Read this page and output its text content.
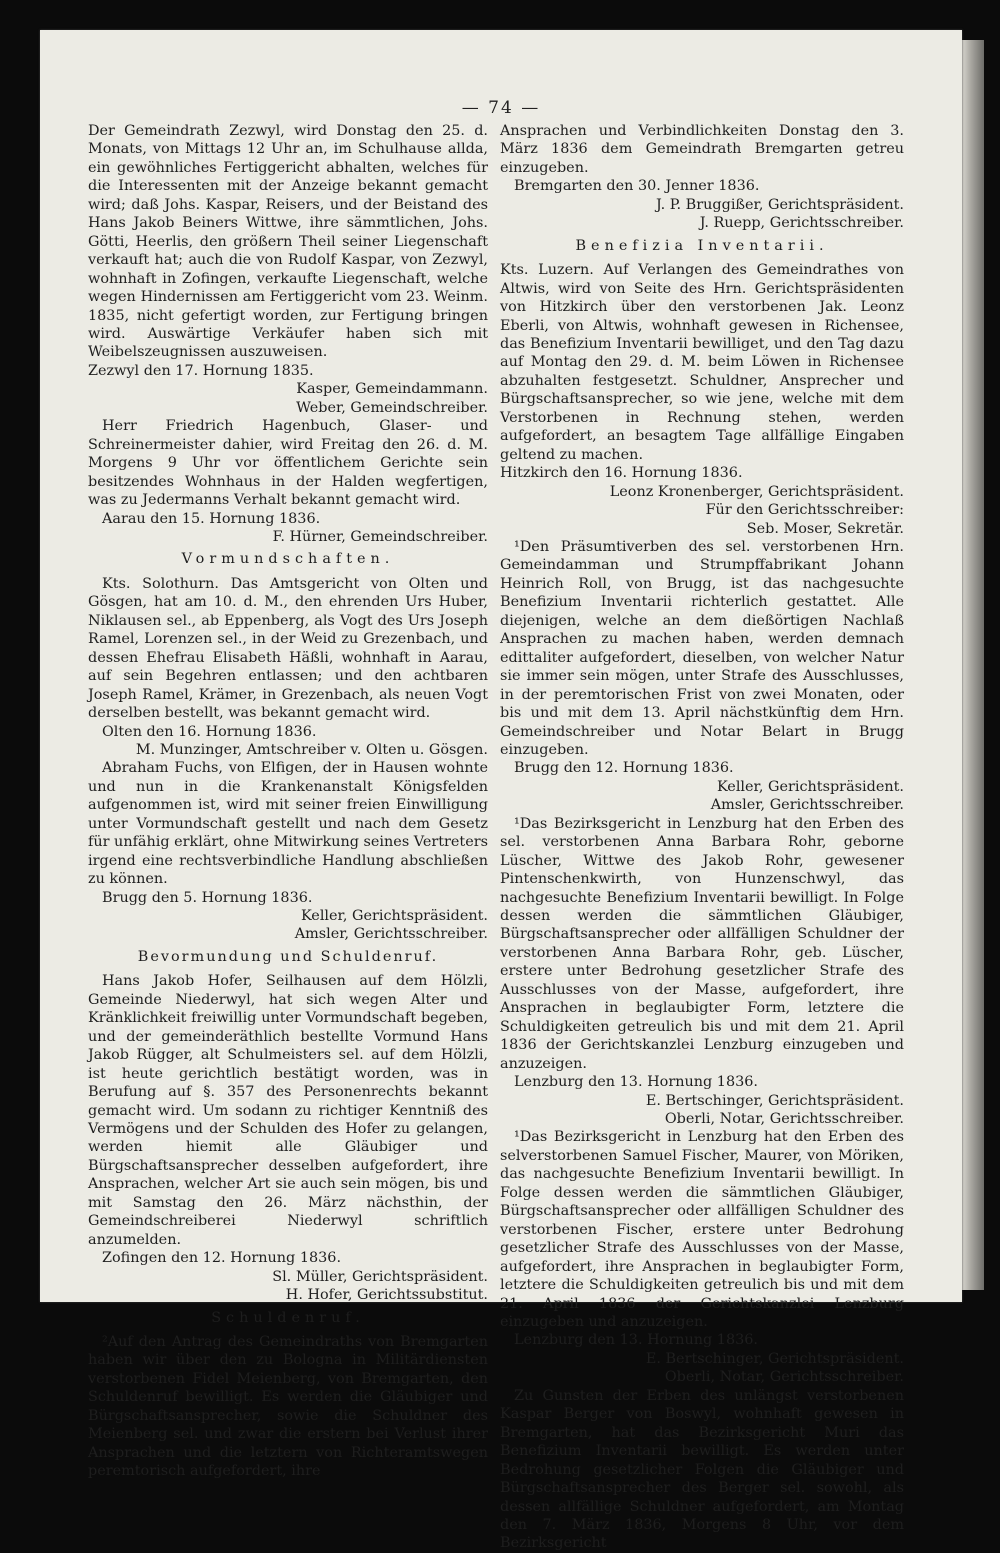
— 74 —

Der Gemeindrath Zezwyl, wird Donstag den 25. d. Monats, von Mittags 12 Uhr an, im Schulhause allda, ein gewöhnliches Fertiggericht abhalten, welches für die Interessenten mit der Anzeige bekannt gemacht wird; daß Johs. Kaspar, Reisers, und der Beistand des Hans Jakob Beiners Wittwe, ihre sämmtlichen, Johs. Götti, Heerlis, den größern Theil seiner Liegenschaft verkauft hat; auch die von Rudolf Kaspar, von Zezwyl, wohnhaft in Zofingen, verkaufte Liegenschaft, welche wegen Hindernissen am Fertiggericht vom 23. Weinm. 1835, nicht gefertigt worden, zur Fertigung bringen wird. Auswärtige Verkäufer haben sich mit Weibelszeugnissen auszuweisen.

Zezwyl den 17. Hornung 1835.

Kasper, Gemeindammann.

Weber, Gemeindschreiber.

Herr Friedrich Hagenbuch, Glaser- und Schreinermeister dahier, wird Freitag den 26. d. M. Morgens 9 Uhr vor öffentlichem Gerichte sein besitzendes Wohnhaus in der Halden wegfertigen, was zu Jedermanns Verhalt bekannt gemacht wird.

Aarau den 15. Hornung 1836.

F. Hürner, Gemeindschreiber.

Vormundschaften.

Kts. Solothurn. Das Amtsgericht von Olten und Gösgen, hat am 10. d. M., den ehrenden Urs Huber, Niklausen sel., ab Eppenberg, als Vogt des Urs Joseph Ramel, Lorenzen sel., in der Weid zu Grezenbach, und dessen Ehefrau Elisabeth Häßli, wohnhaft in Aarau, auf sein Begehren entlassen; und den achtbaren Joseph Ramel, Krämer, in Grezenbach, als neuen Vogt derselben bestellt, was bekannt gemacht wird.

Olten den 16. Hornung 1836.

M. Munzinger, Amtschreiber v. Olten u. Gösgen.

Abraham Fuchs, von Elfigen, der in Hausen wohnte und nun in die Krankenanstalt Königsfelden aufgenommen ist, wird mit seiner freien Einwilligung unter Vormundschaft gestellt und nach dem Gesetz für unfähig erklärt, ohne Mitwirkung seines Vertreters irgend eine rechtsverbindliche Handlung abschließen zu können.

Brugg den 5. Hornung 1836.

Keller, Gerichtspräsident.

Amsler, Gerichtsschreiber.

Bevormundung und Schuldenruf.

Hans Jakob Hofer, Seilhausen auf dem Hölzli, Gemeinde Niederwyl, hat sich wegen Alter und Kränklichkeit freiwillig unter Vormundschaft begeben, und der gemeinderäthlich bestellte Vormund Hans Jakob Rügger, alt Schulmeisters sel. auf dem Hölzli, ist heute gerichtlich bestätigt worden, was in Berufung auf §. 357 des Personenrechts bekannt gemacht wird. Um sodann zu richtiger Kenntniß des Vermögens und der Schulden des Hofer zu gelangen, werden hiemit alle Gläubiger und Bürgschaftsansprecher desselben aufgefordert, ihre Ansprachen, welcher Art sie auch sein mögen, bis und mit Samstag den 26. März nächsthin, der Gemeindschreiberei Niederwyl schriftlich anzumelden.

Zofingen den 12. Hornung 1836.

Sl. Müller, Gerichtspräsident.

H. Hofer, Gerichtssubstitut.

Schuldenruf.

²Auf den Antrag des Gemeindraths von Bremgarten haben wir über den zu Bologna in Militärdiensten verstorbenen Fidel Meienberg, von Bremgarten, den Schuldenruf bewilligt. Es werden die Gläubiger und Bürgschaftsansprecher, sowie die Schuldner des Meienberg sel. und zwar die erstern bei Verlust ihrer Ansprachen und die letztern von Richteramtswegen peremtorisch aufgefordert, ihre

Ansprachen und Verbindlichkeiten Donstag den 3. März 1836 dem Gemeindrath Bremgarten getreu einzugeben.

Bremgarten den 30. Jenner 1836.

J. P. Bruggißer, Gerichtspräsident.

J. Ruepp, Gerichtsschreiber.

Benefizia Inventarii.

Kts. Luzern. Auf Verlangen des Gemeindrathes von Altwis, wird von Seite des Hrn. Gerichtspräsidenten von Hitzkirch über den verstorbenen Jak. Leonz Eberli, von Altwis, wohnhaft gewesen in Richensee, das Benefizium Inventarii bewilliget, und den Tag dazu auf Montag den 29. d. M. beim Löwen in Richensee abzuhalten festgesetzt. Schuldner, Ansprecher und Bürgschaftsansprecher, so wie jene, welche mit dem Verstorbenen in Rechnung stehen, werden aufgefordert, an besagtem Tage allfällige Eingaben geltend zu machen.

Hitzkirch den 16. Hornung 1836.

Leonz Kronenberger, Gerichtspräsident.

Für den Gerichtsschreiber:

Seb. Moser, Sekretär.

¹Den Präsumtiverben des sel. verstorbenen Hrn. Gemeindamman und Strumpffabrikant Johann Heinrich Roll, von Brugg, ist das nachgesuchte Benefizium Inventarii richterlich gestattet. Alle diejenigen, welche an dem dießörtigen Nachlaß Ansprachen zu machen haben, werden demnach edittaliter aufgefordert, dieselben, von welcher Natur sie immer sein mögen, unter Strafe des Ausschlusses, in der peremtorischen Frist von zwei Monaten, oder bis und mit dem 13. April nächstkünftig dem Hrn. Gemeindschreiber und Notar Belart in Brugg einzugeben.

Brugg den 12. Hornung 1836.

Keller, Gerichtspräsident.

Amsler, Gerichtsschreiber.

¹Das Bezirksgericht in Lenzburg hat den Erben des sel. verstorbenen Anna Barbara Rohr, geborne Lüscher, Wittwe des Jakob Rohr, gewesener Pintenschenkwirth, von Hunzenschwyl, das nachgesuchte Benefizium Inventarii bewilligt. In Folge dessen werden die sämmtlichen Gläubiger, Bürgschaftsansprecher oder allfälligen Schuldner der verstorbenen Anna Barbara Rohr, geb. Lüscher, erstere unter Bedrohung gesetzlicher Strafe des Ausschlusses von der Masse, aufgefordert, ihre Ansprachen in beglaubigter Form, letztere die Schuldigkeiten getreulich bis und mit dem 21. April 1836 der Gerichtskanzlei Lenzburg einzugeben und anzuzeigen.

Lenzburg den 13. Hornung 1836.

E. Bertschinger, Gerichtspräsident.

Oberli, Notar, Gerichtsschreiber.

¹Das Bezirksgericht in Lenzburg hat den Erben des selverstorbenen Samuel Fischer, Maurer, von Möriken, das nachgesuchte Benefizium Inventarii bewilligt. In Folge dessen werden die sämmtlichen Gläubiger, Bürgschaftsansprecher oder allfälligen Schuldner des verstorbenen Fischer, erstere unter Bedrohung gesetzlicher Strafe des Ausschlusses von der Masse, aufgefordert, ihre Ansprachen in beglaubigter Form, letztere die Schuldigkeiten getreulich bis und mit dem 21. April 1836 der Gerichtskanzlei Lenzburg einzugeben und anzuzeigen.

Lenzburg den 13. Hornung 1836.

E. Bertschinger, Gerichtspräsident.

Oberli, Notar, Gerichtsschreiber.

Zu Gunsten der Erben des unlängst verstorbenen Kaspar Berger von Boswyl, wohnhaft gewesen in Bremgarten, hat das Bezirksgericht Muri das Benefizium Inventarii bewilligt. Es werden unter Bedrohung gesetzlicher Folgen die Gläubiger und Bürgschaftsansprecher des Berger sel. sowohl, als dessen allfällige Schuldner aufgefordert, am Montag den 7. März 1836, Morgens 8 Uhr, vor dem Bezirksgericht
